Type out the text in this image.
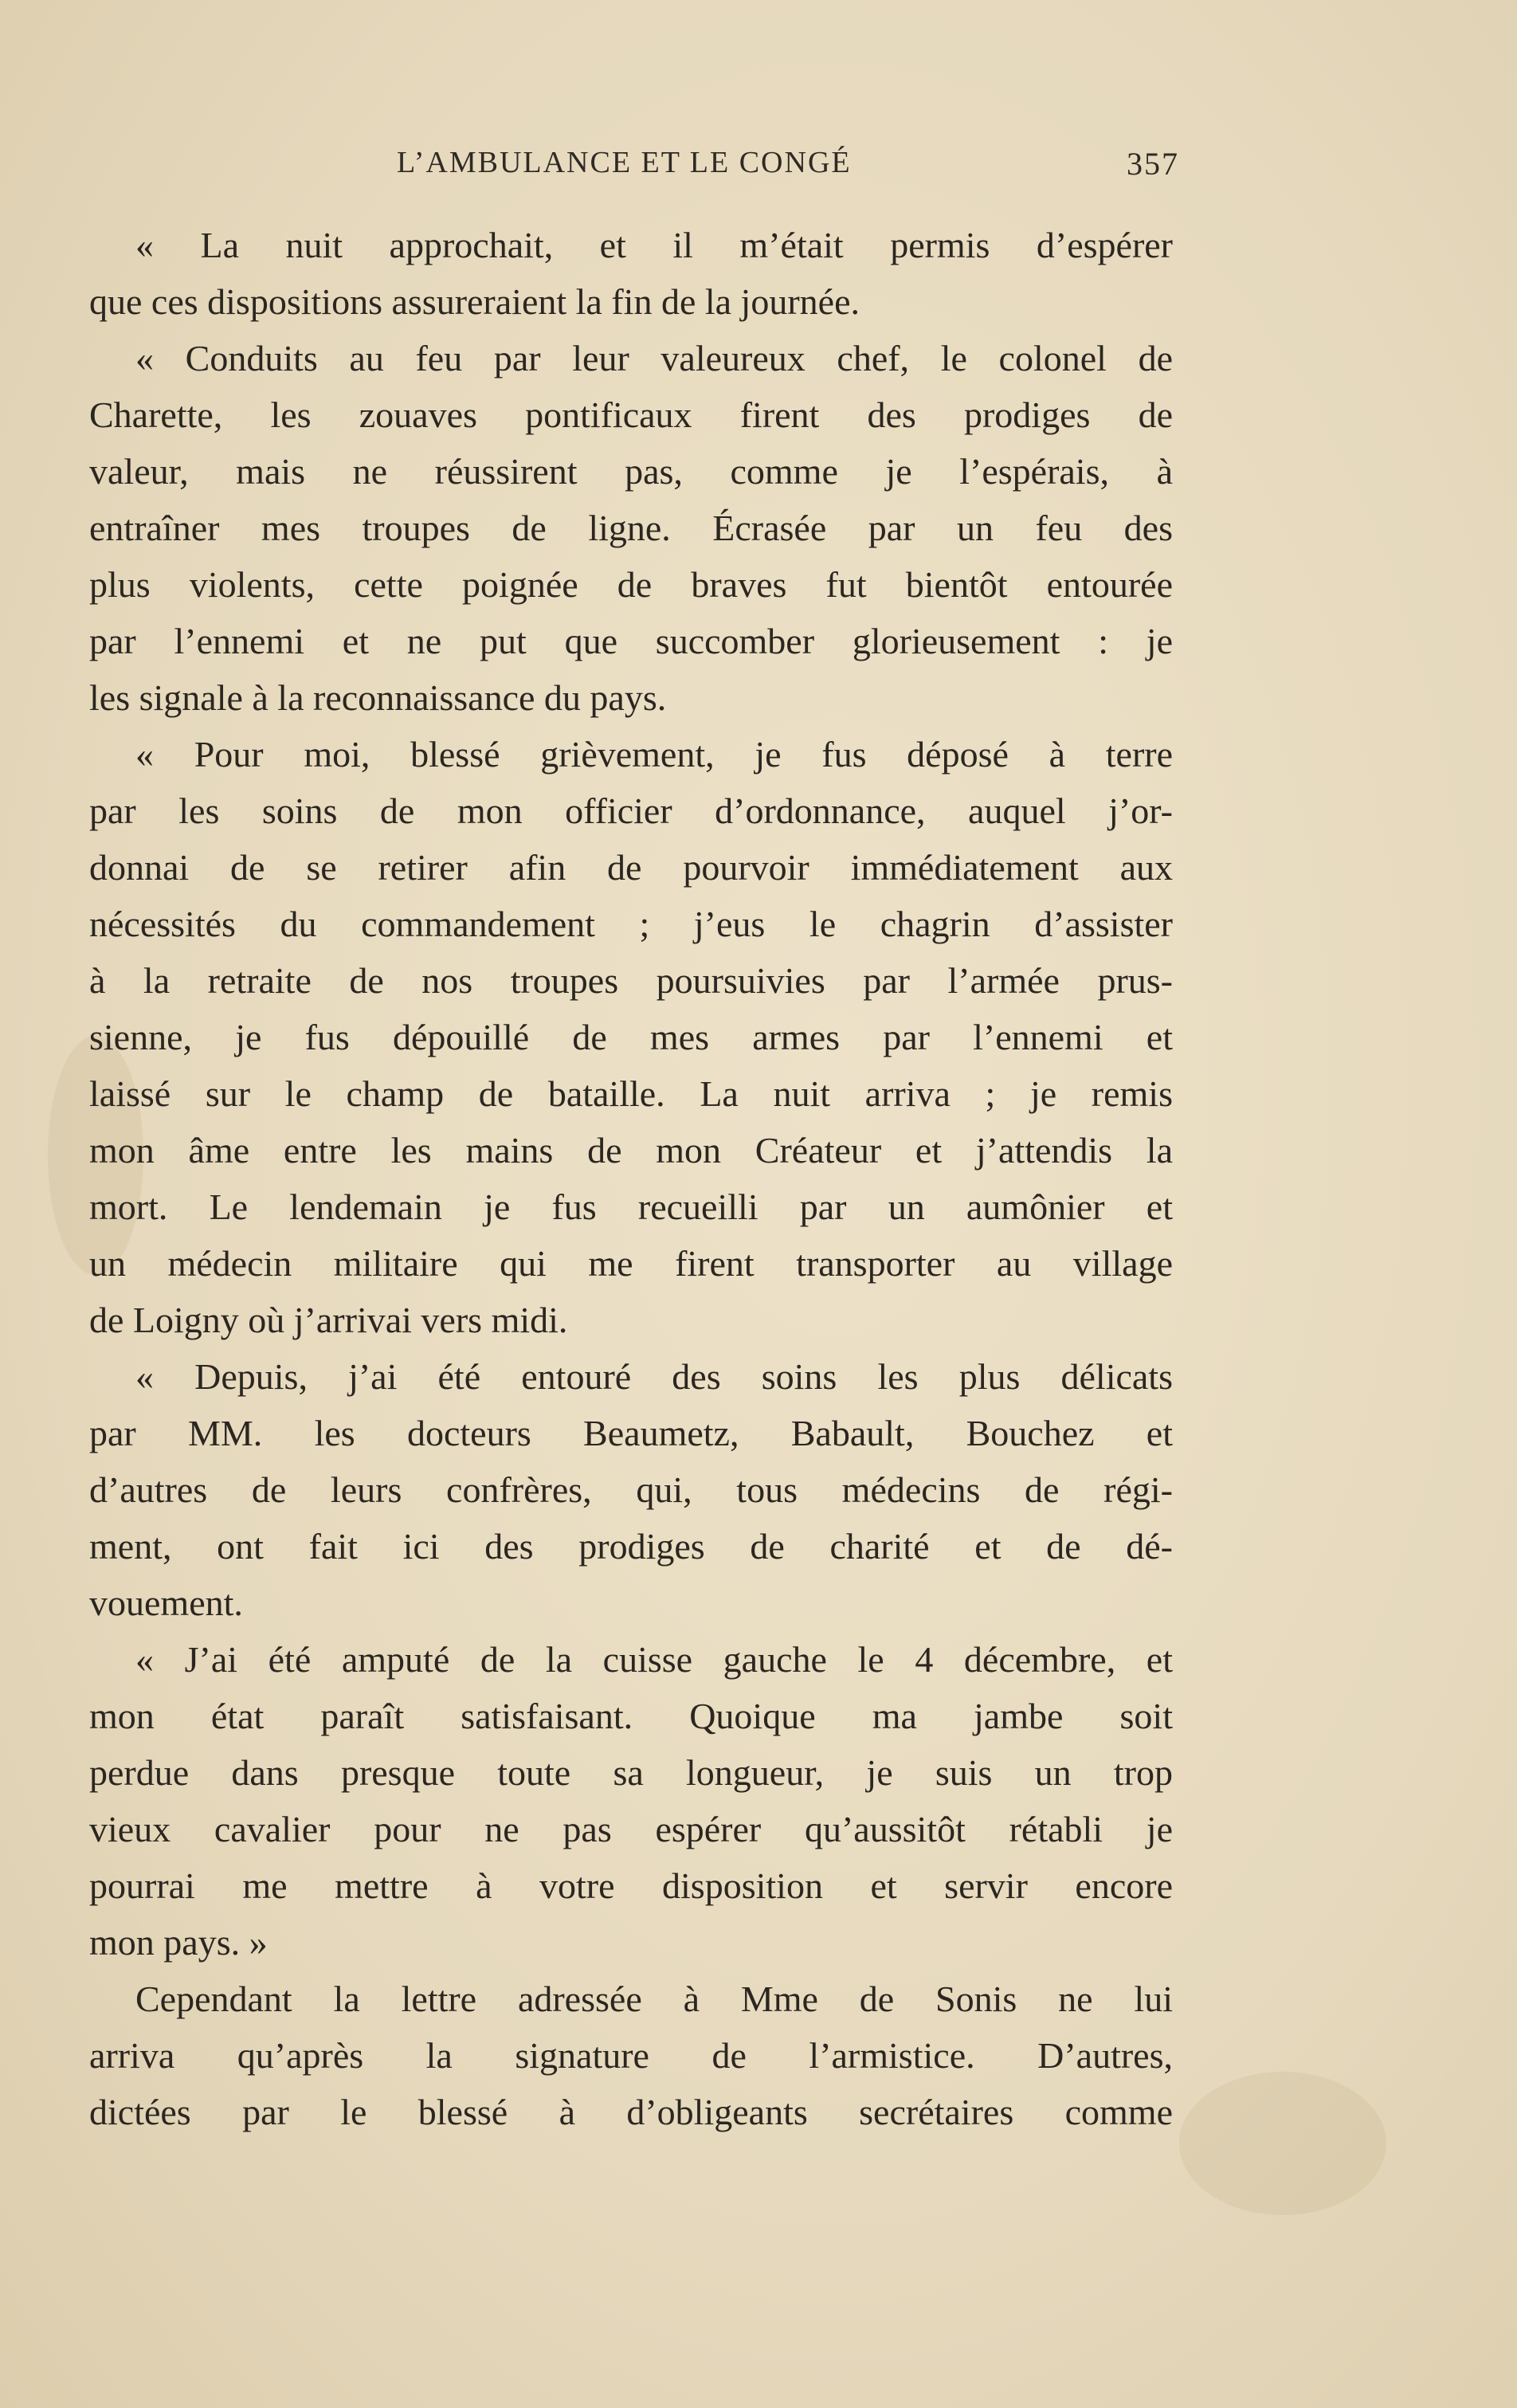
L’AMBULANCE ET LE CONGÉ	357
« La nuit approchait, et il m’était permis d’espérer
que ces dispositions assureraient la fin de la journée.
« Conduits au feu par leur valeureux chef, le colonel de
Charette, les zouaves pontificaux firent des prodiges de
valeur, mais ne réussirent pas, comme je l’espérais, à
entraîner mes troupes de ligne. Écrasée par un feu des
plus violents, cette poignée de braves fut bientôt entourée
par l’ennemi et ne put que succomber glorieusement : je
les signale à la reconnaissance du pays.
« Pour moi, blessé grièvement, je fus déposé à terre
par les soins de mon officier d’ordonnance, auquel j’or-
donnai de se retirer afin de pourvoir immédiatement aux
nécessités du commandement ; j’eus le chagrin d’assister
à la retraite de nos troupes poursuivies par l’armée prus-
sienne, je fus dépouillé de mes armes par l’ennemi et
laissé sur le champ de bataille. La nuit arriva ; je remis
mon âme entre les mains de mon Créateur et j’attendis la
mort. Le lendemain je fus recueilli par un aumônier et
un médecin militaire qui me firent transporter au village
de Loigny où j’arrivai vers midi.
« Depuis, j’ai été entouré des soins les plus délicats
par MM. les docteurs Beaumetz, Babault, Bouchez et
d’autres de leurs confrères, qui, tous médecins de régi-
ment, ont fait ici des prodiges de charité et de dé-
vouement.
« J’ai été amputé de la cuisse gauche le 4 décembre, et
mon état paraît satisfaisant. Quoique ma jambe soit
perdue dans presque toute sa longueur, je suis un trop
vieux cavalier pour ne pas espérer qu’aussitôt rétabli je
pourrai me mettre à votre disposition et servir encore
mon pays. »
Cependant la lettre adressée à Mme de Sonis ne lui
arriva qu’après la signature de l’armistice. D’autres,
dictées par le blessé à d’obligeants secrétaires comme
